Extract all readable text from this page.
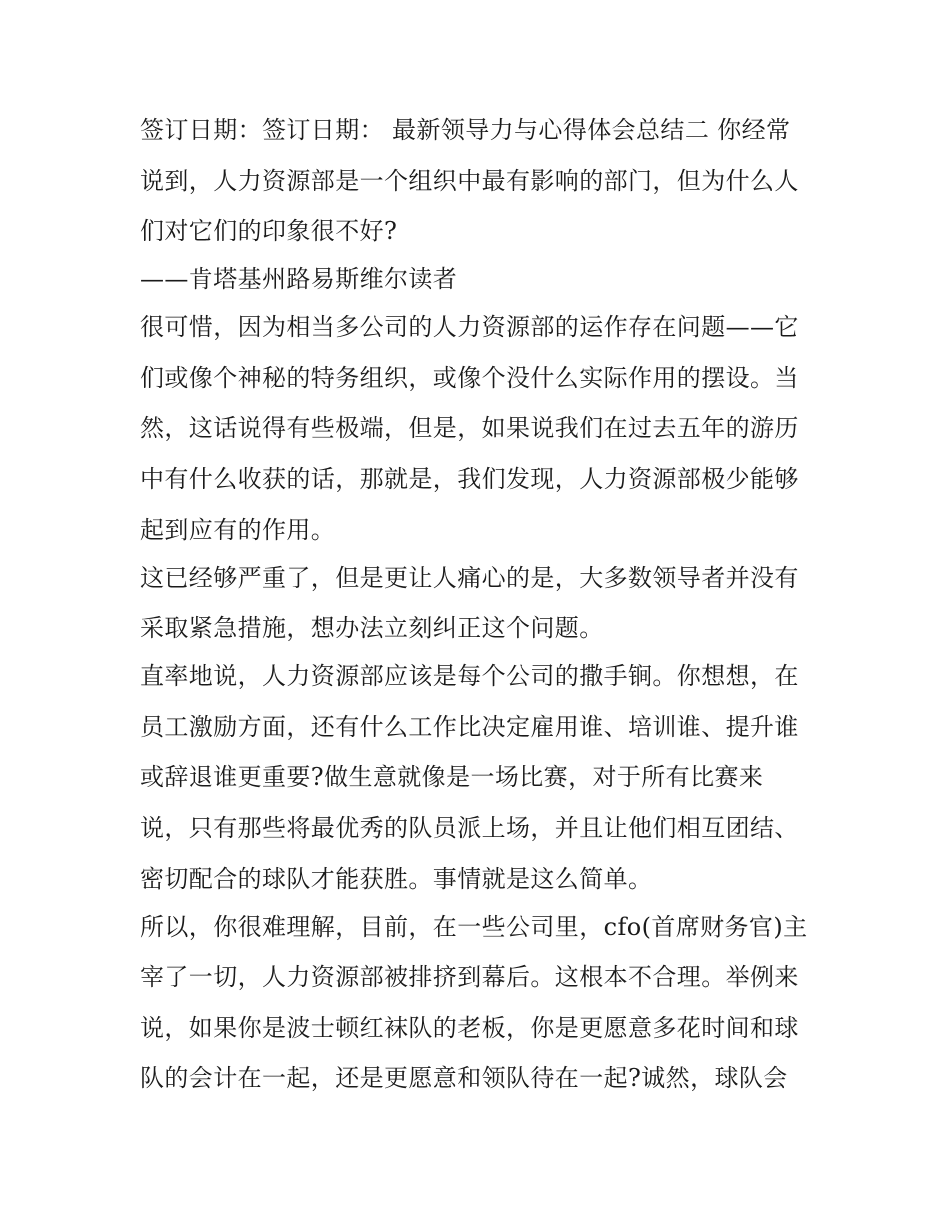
签订日期：签订日期： 最新领导力与心得体会总结二 你经常
说到，人力资源部是一个组织中最有影响的部门，但为什么人
们对它们的印象很不好?
——肯塔基州路易斯维尔读者
很可惜，因为相当多公司的人力资源部的运作存在问题——它
们或像个神秘的特务组织，或像个没什么实际作用的摆设。当
然，这话说得有些极端，但是，如果说我们在过去五年的游历
中有什么收获的话，那就是，我们发现，人力资源部极少能够
起到应有的作用。
这已经够严重了，但是更让人痛心的是，大多数领导者并没有
采取紧急措施，想办法立刻纠正这个问题。
直率地说，人力资源部应该是每个公司的撒手锏。你想想，在
员工激励方面，还有什么工作比决定雇用谁、培训谁、提升谁
或辞退谁更重要?做生意就像是一场比赛，对于所有比赛来
说，只有那些将最优秀的队员派上场，并且让他们相互团结、
密切配合的球队才能获胜。事情就是这么简单。
所以，你很难理解，目前，在一些公司里，cfo(首席财务官)主
宰了一切，人力资源部被排挤到幕后。这根本不合理。举例来
说，如果你是波士顿红袜队的老板，你是更愿意多花时间和球
队的会计在一起，还是更愿意和领队待在一起?诚然，球队会
